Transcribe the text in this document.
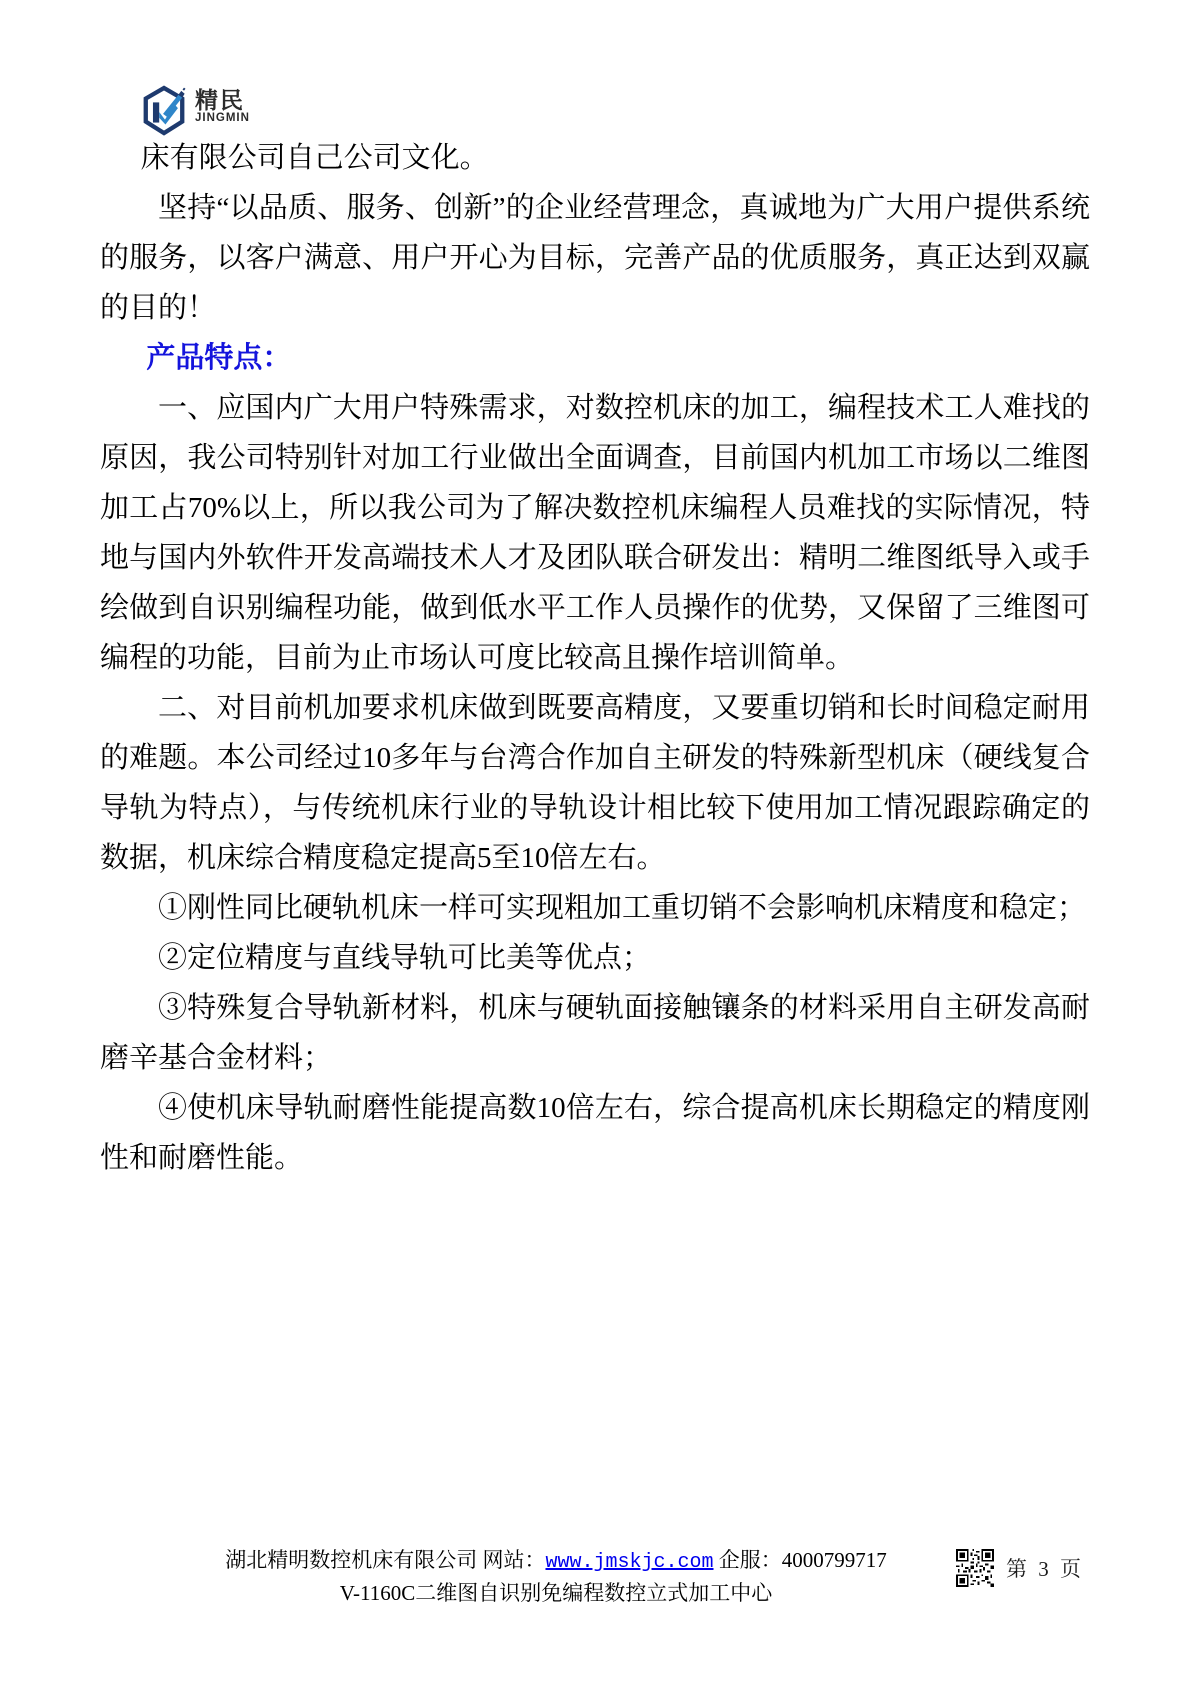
精民
JINGMIN

床有限公司自己公司文化。

坚持“以品质、服务、创新”的企业经营理念，真诚地为广大用户提供系统的服务，以客户满意、用户开心为目标，完善产品的优质服务，真正达到双赢的目的！

产品特点：

一、应国内广大用户特殊需求，对数控机床的加工，编程技术工人难找的原因，我公司特别针对加工行业做出全面调查，目前国内机加工市场以二维图加工占70%以上，所以我公司为了解决数控机床编程人员难找的实际情况，特地与国内外软件开发高端技术人才及团队联合研发出：精明二维图纸导入或手绘做到自识别编程功能，做到低水平工作人员操作的优势，又保留了三维图可编程的功能，目前为止市场认可度比较高且操作培训简单。

二、对目前机加要求机床做到既要高精度，又要重切销和长时间稳定耐用的难题。本公司经过10多年与台湾合作加自主研发的特殊新型机床（硬线复合导轨为特点），与传统机床行业的导轨设计相比较下使用加工情况跟踪确定的数据，机床综合精度稳定提高5至10倍左右。

①刚性同比硬轨机床一样可实现粗加工重切销不会影响机床精度和稳定；

②定位精度与直线导轨可比美等优点；

③特殊复合导轨新材料，机床与硬轨面接触镶条的材料采用自主研发高耐磨辛基合金材料；

④使机床导轨耐磨性能提高数10倍左右，综合提高机床长期稳定的精度刚性和耐磨性能。

湖北精明数控机床有限公司 网站：www.jmskjc.com 企服：4000799717
V-1160C二维图自识别免编程数控立式加工中心
第 3 页
